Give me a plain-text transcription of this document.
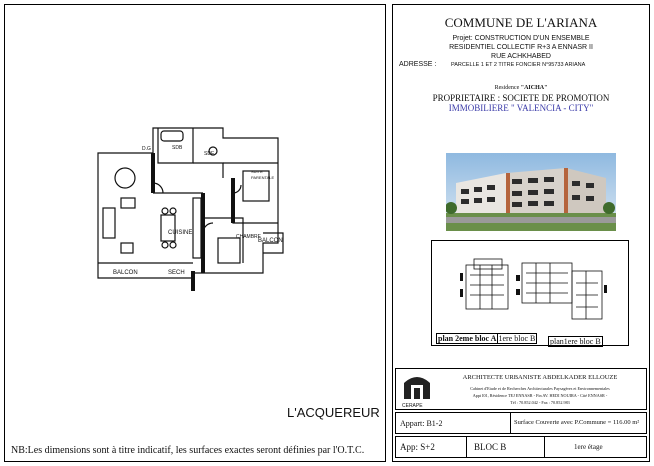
BALCON	SECH
BALCON
CUISINE
CHAMBRE
SUITE PARENTALE
SDB
SDE
D.G
L'ACQUEREUR
NB:Les dimensions sont à titre indicatif, les surfaces exactes seront définies par l'O.T.C.
COMMUNE DE L'ARIANA
Projet: CONSTRUCTION D'UN ENSEMBLE
RESIDENTIEL COLLECTIF R+3 A ENNASR II
RUE ACHKHABED
ADRESSE :	PARCELLE 1 ET 2 TITRE FONCIER N°95733 ARIANA
Residence "AICHA"
PROPRIETAIRE : SOCIETE DE PROMOTION
IMMOBILIERE " VALENCIA - CITY"
plan 2eme bloc A 1ere bloc B plan1ere bloc B
CERAPE
ARCHITECTE URBANISTE ABDELKADER ELLOUZE
Cabinet d'Etude et de Recherches Architecturales Paysagères et Environnementales
Appt I01, Résidence TEJ ENNASR - Fin AV. HEDI NOUIRA - Cité ENNASR -
Tél : 70.852.042 - Fax : 70.852.983
Appart: B1-2	Surface Couverte avec P.Commune = 116.00 m²
App: S+2	BLOC B	1ere étage
